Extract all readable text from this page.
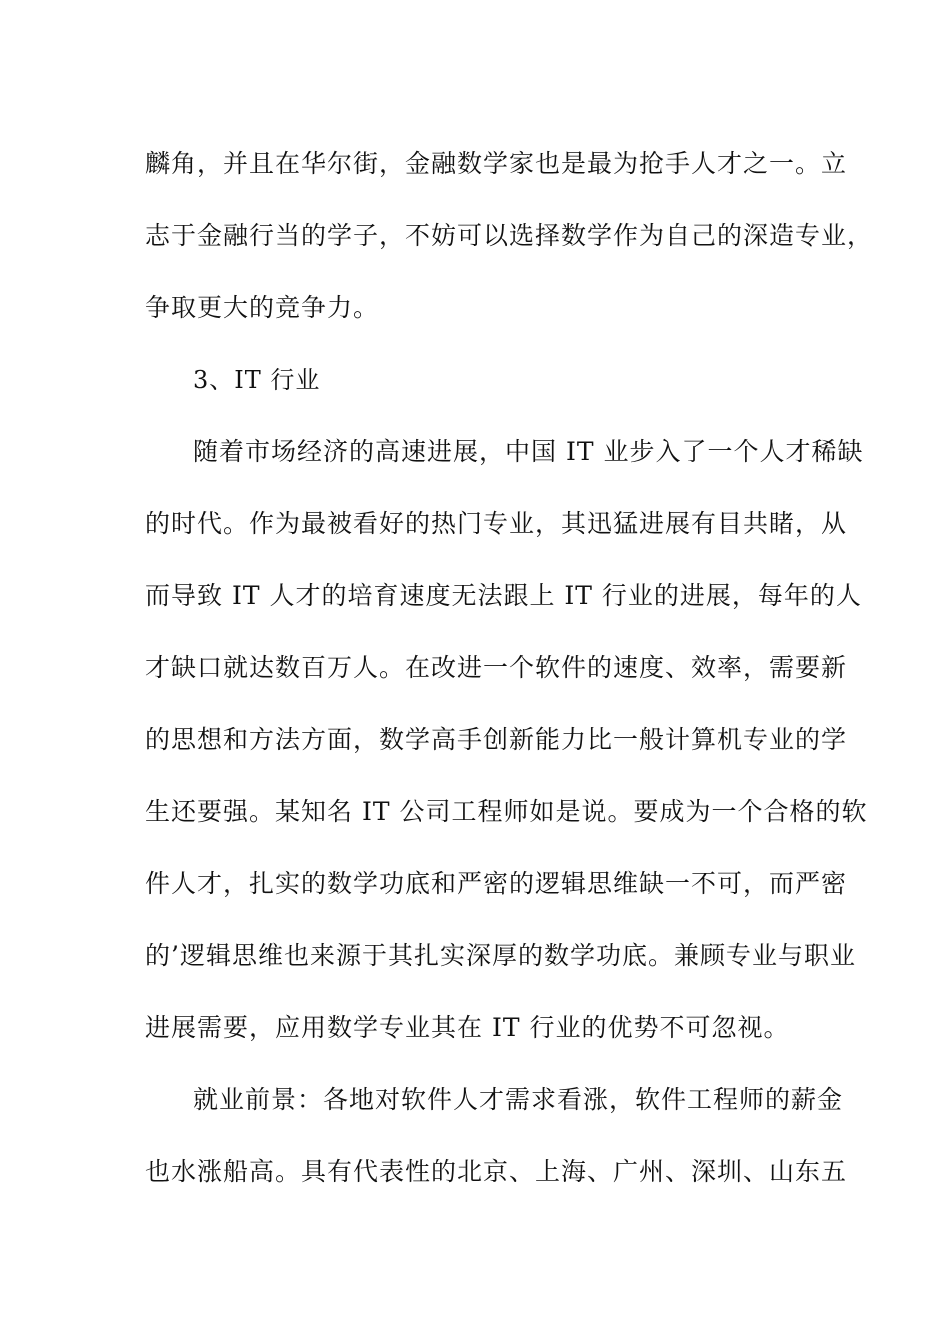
麟角，并且在华尔街，金融数学家也是最为抢手人才之一。立
志于金融行当的学子，不妨可以选择数学作为自己的深造专业，
争取更大的竞争力。
3、IT 行业
随着市场经济的高速进展，中国 IT 业步入了一个人才稀缺
的时代。作为最被看好的热门专业，其迅猛进展有目共睹，从
而导致 IT 人才的培育速度无法跟上 IT 行业的进展，每年的人
才缺口就达数百万人。在改进一个软件的速度、效率，需要新
的思想和方法方面，数学高手创新能力比一般计算机专业的学
生还要强。某知名 IT 公司工程师如是说。要成为一个合格的软
件人才，扎实的数学功底和严密的逻辑思维缺一不可，而严密
的’逻辑思维也来源于其扎实深厚的数学功底。兼顾专业与职业
进展需要，应用数学专业其在 IT 行业的优势不可忽视。
就业前景：各地对软件人才需求看涨，软件工程师的薪金
也水涨船高。具有代表性的北京、上海、广州、深圳、山东五
